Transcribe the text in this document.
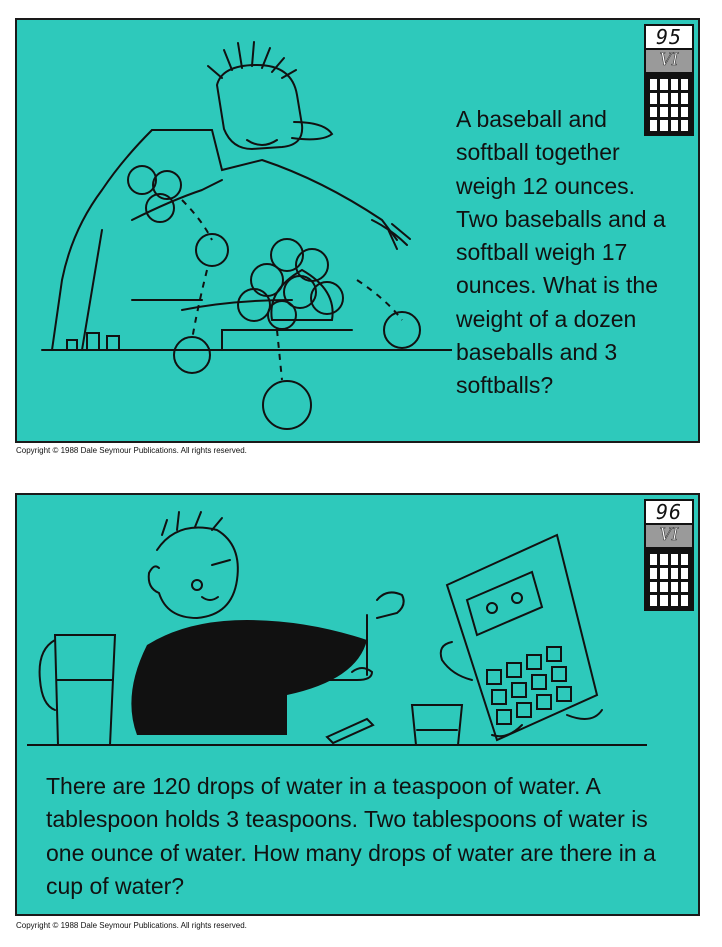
95
VI
A baseball and softball together weigh 12 ounces. Two baseballs and a softball weigh 17 ounces. What is the weight of a dozen baseballs and 3 softballs?
Copyright © 1988 Dale Seymour Publications. All rights reserved.
96
VI
There are 120 drops of water in a teaspoon of water. A tablespoon holds 3 teaspoons. Two tablespoons of water is one ounce of water. How many drops of water are there in a cup of water?
Copyright © 1988 Dale Seymour Publications. All rights reserved.
